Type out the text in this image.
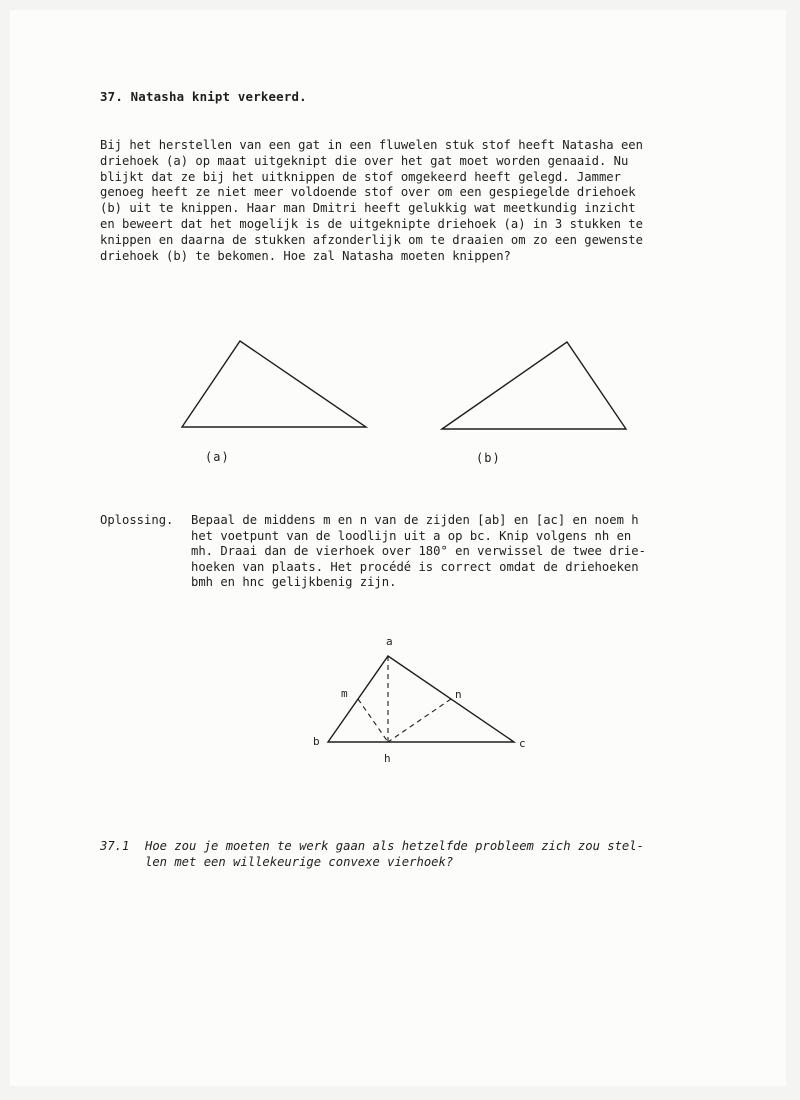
37. Natasha knipt verkeerd.
Bij het herstellen van een gat in een fluwelen stuk stof heeft Natasha een
driehoek (a) op maat uitgeknipt die over het gat moet worden genaaid. Nu
blijkt dat ze bij het uitknippen de stof omgekeerd heeft gelegd. Jammer
genoeg heeft ze niet meer voldoende stof over om een gespiegelde driehoek
(b) uit te knippen. Haar man Dmitri heeft gelukkig wat meetkundig inzicht
en beweert dat het mogelijk is de uitgeknipte driehoek (a) in 3 stukken te
knippen en daarna de stukken afzonderlijk om te draaien om zo een gewenste
driehoek (b) te bekomen. Hoe zal Natasha moeten knippen?
(a)	(b)
Oplossing. Bepaal de middens m en n van de zijden [ab] en [ac] en noem h
het voetpunt van de loodlijn uit a op bc. Knip volgens nh en
mh. Draai dan de vierhoek over 180° en verwissel de twee drie-
hoeken van plaats. Het procédé is correct omdat de driehoeken
bmh en hnc gelijkbenig zijn.
a
b	c
m	n
h
37.1 Hoe zou je moeten te werk gaan als hetzelfde probleem zich zou stel-
len met een willekeurige convexe vierhoek?
